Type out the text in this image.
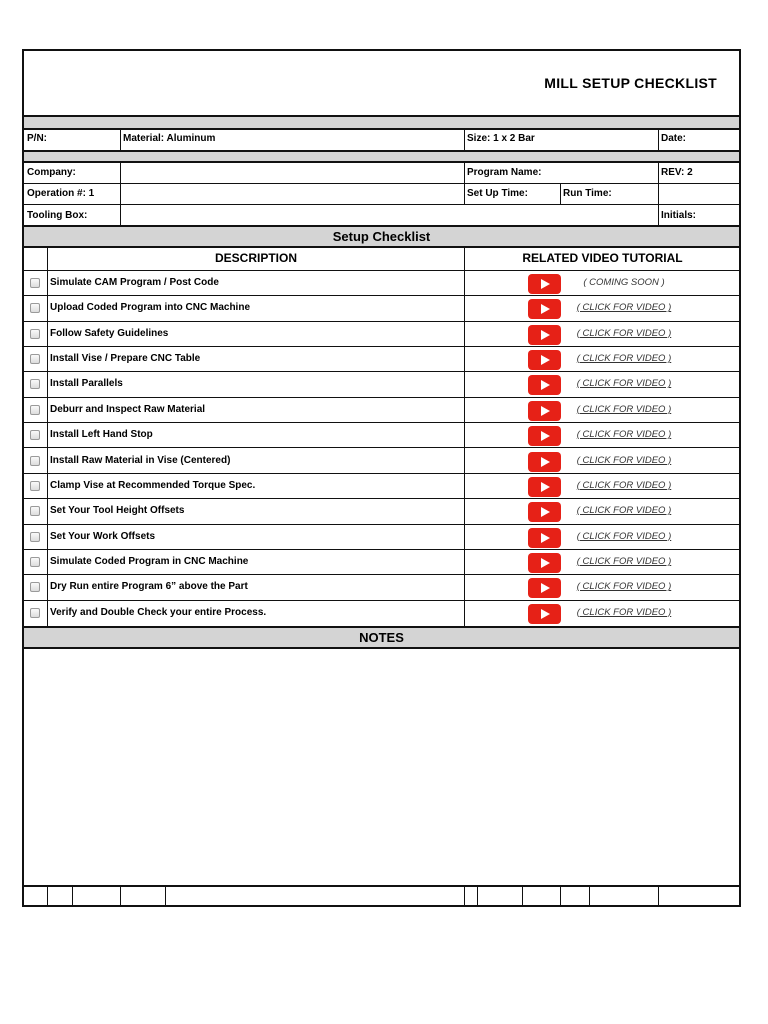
MILL SETUP CHECKLIST
P/N:	Material: Aluminum	Size: 1 x 2 Bar	Date:
Company:	Program Name:	REV: 2
Operation #: 1	Set Up Time:	Run Time:
Tooling Box:	Initials:
Setup Checklist
DESCRIPTION	RELATED VIDEO TUTORIAL
Simulate CAM Program / Post Code	( COMING SOON )
Upload Coded Program into CNC Machine	( CLICK FOR VIDEO )
Follow Safety Guidelines	( CLICK FOR VIDEO )
Install Vise / Prepare CNC Table	( CLICK FOR VIDEO )
Install Parallels	( CLICK FOR VIDEO )
Deburr and Inspect Raw Material	( CLICK FOR VIDEO )
Install Left Hand Stop	( CLICK FOR VIDEO )
Install Raw Material in Vise (Centered)	( CLICK FOR VIDEO )
Clamp Vise at Recommended Torque Spec.	( CLICK FOR VIDEO )
Set Your Tool Height Offsets	( CLICK FOR VIDEO )
Set Your Work Offsets	( CLICK FOR VIDEO )
Simulate Coded Program in CNC Machine	( CLICK FOR VIDEO )
Dry Run entire Program 6” above the Part	( CLICK FOR VIDEO )
Verify and Double Check your entire Process.	( CLICK FOR VIDEO )
NOTES
